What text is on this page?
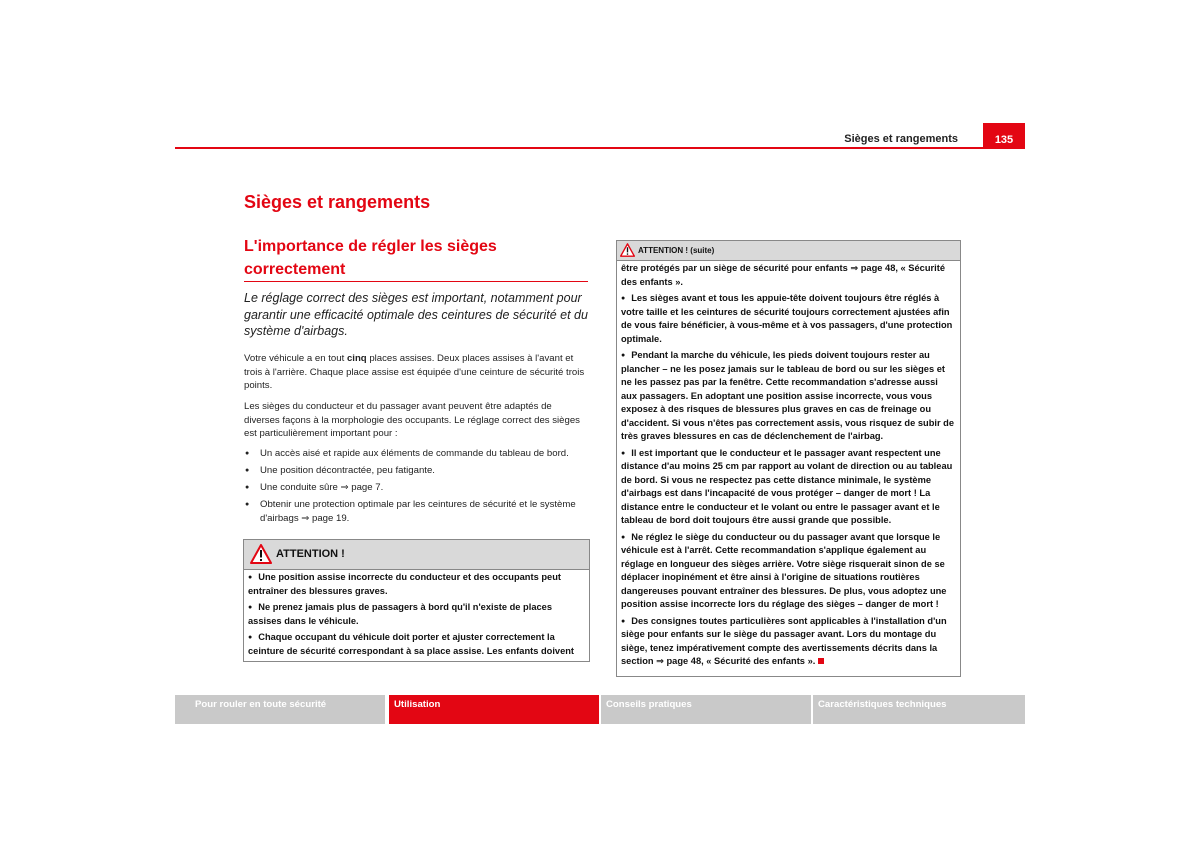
Sièges et rangements	135
Sièges et rangements
L'importance de régler les sièges correctement

Le réglage correct des sièges est important, notamment pour garantir une efficacité optimale des ceintures de sécurité et du système d'airbags.

Votre véhicule a en tout cinq places assises. Deux places assises à l'avant et trois à l'arrière. Chaque place assise est équipée d'une ceinture de sécurité trois points.

Les sièges du conducteur et du passager avant peuvent être adaptés de diverses façons à la morphologie des occupants. Le réglage correct des sièges est particulièrement important pour :

● Un accès aisé et rapide aux éléments de commande du tableau de bord.
● Une position décontractée, peu fatigante.
● Une conduite sûre ⇒ page 7.
● Obtenir une protection optimale par les ceintures de sécurité et le système d'airbags ⇒ page 19.
ATTENTION !

● Une position assise incorrecte du conducteur et des occupants peut entraîner des blessures graves.

● Ne prenez jamais plus de passagers à bord qu'il n'existe de places assises dans le véhicule.

● Chaque occupant du véhicule doit porter et ajuster correctement la ceinture de sécurité correspondant à sa place assise. Les enfants doivent

ATTENTION ! (suite)

être protégés par un siège de sécurité pour enfants ⇒ page 48, « Sécurité des enfants ».

● Les sièges avant et tous les appuie-tête doivent toujours être réglés à votre taille et les ceintures de sécurité toujours correctement ajustées afin de vous faire bénéficier, à vous-même et à vos passagers, d'une protection optimale.

● Pendant la marche du véhicule, les pieds doivent toujours rester au plancher – ne les posez jamais sur le tableau de bord ou sur les sièges et ne les passez pas par la fenêtre. Cette recommandation s'adresse aussi aux passagers. En adoptant une position assise incorrecte, vous vous exposez à des risques de blessures plus graves en cas de freinage ou d'accident. Si vous n'êtes pas correctement assis, vous risquez de subir de très graves blessures en cas de déclenchement de l'airbag.

● Il est important que le conducteur et le passager avant respectent une distance d'au moins 25 cm par rapport au volant de direction ou au tableau de bord. Si vous ne respectez pas cette distance minimale, le système d'airbags est dans l'incapacité de vous protéger – danger de mort ! La distance entre le conducteur et le volant ou entre le passager avant et le tableau de bord doit toujours être aussi grande que possible.

● Ne réglez le siège du conducteur ou du passager avant que lorsque le véhicule est à l'arrêt. Cette recommandation s'applique également au réglage en longueur des sièges arrière. Votre siège risquerait sinon de se déplacer inopinément et être ainsi à l'origine de situations routières dangereuses pouvant entraîner des blessures. De plus, vous adoptez une position assise incorrecte lors du réglage des sièges – danger de mort !

● Des consignes toutes particulières sont applicables à l'installation d'un siège pour enfants sur le siège du passager avant. Lors du montage du siège, tenez impérativement compte des avertissements décrits dans la section ⇒ page 48, « Sécurité des enfants ».

Pour rouler en toute sécurité	Utilisation	Conseils pratiques	Caractéristiques techniques
